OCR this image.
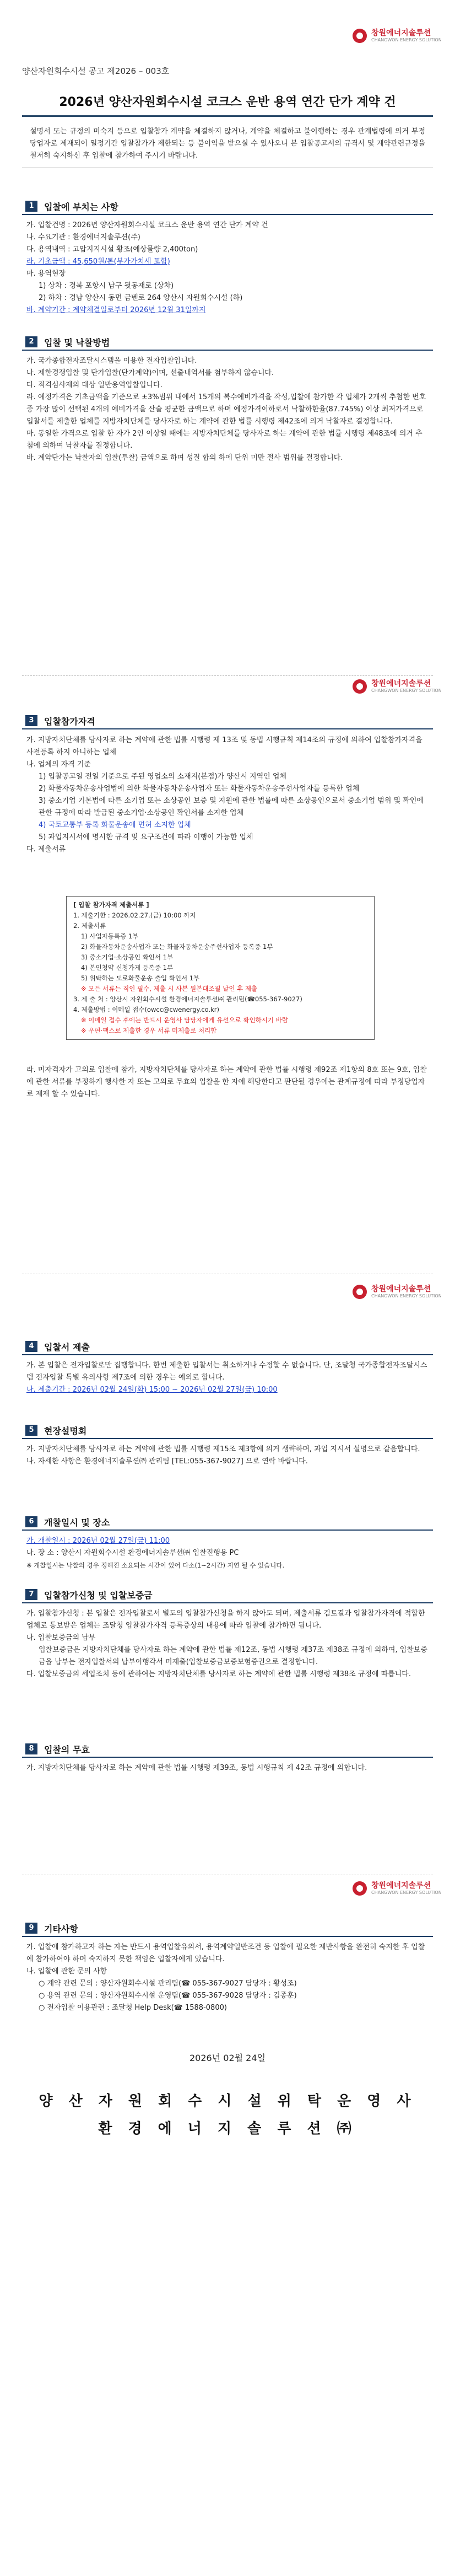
창원에너지솔루션
CHANGWON ENERGY SOLUTION
양산자원회수시설 공고 제2026 – 003호
2026년 양산자원회수시설 코크스 운반 용역 연간 단가 계약 건
설명서 또는 규정의 미숙지 등으로 입찰참가 계약을 체결하지 않거나, 계약을 체결하고 불이행하는 경우 관계법령에 의거 부정당업자로 제재되어 일정기간 입찰참가가 제한되는 등 불이익을 받으실 수 있사오니 본 입찰공고서의 규격서 및 계약관련규정을 철저히 숙지하신 후 입찰에 참가하여 주시기 바랍니다.
1	입찰에 부치는 사항

가. 입찰건명 : 2026년 양산자원회수시설 코크스 운반 용역 연간 단가 계약 건

나. 수요기관 : 환경에너지솔루션(주)

다. 용역내역 : 고압지지시설 황조(예상물량 2,400ton)

라. 기초금액 : 45,650원/톤(부가가치세 포함)

마. 용역현장

1) 상차 : 경북 포항시 남구 뒷동재로 (상차)

2) 하차 : 경남 양산시 동면 금벤로 264 양산시 자원회수시설 (하)

바. 계약기간 : 계약체결일로부터 2026년 12월 31일까지

2	입찰 및 낙찰방법

가. 국가종합전자조달시스템을 이용한 전자입찰입니다.

나. 제한경쟁입찰 및 단가입찰(단가계약)이며, 선출내역서를 첨부하지 않습니다.

다. 적격심사제의 대상 일반용역입찰입니다.

라. 예정가격은 기초금액을 기준으로 ±3%범위 내에서 15개의 복수예비가격을 작성,입찰에 참가한 각 업체가 2개씩 추첨한 번호 중 가장 많이 선택된 4개의 예비가격을 산술 평균한 금액으로 하며 예정가격이하로서 낙찰하한율(87.745%) 이상 최저가격으로 입찰서를 제출한 업체를 지방자치단체를 당사자로 하는 계약에 관한 법률 시행령 제42조에 의거 낙찰자로 결정합니다.

마. 동일한 가격으로 입찰 한 자가 2인 이상일 때에는 지방자치단체를 당사자로 하는 계약에 관한 법률 시행령 제48조에 의거 추첨에 의하여 낙찰자를 결정합니다.

바. 계약단가는 낙찰자의 입찰(투찰) 금액으로 하며 성질 합의 하에 단위 미만 절사 범위를 결정합니다.

창원에너지솔루션
CHANGWON ENERGY SOLUTION
3	입찰참가자격

가. 지방자치단체를 당사자로 하는 계약에 관한 법률 시행령 제 13조 및 동법 시행규칙 제14조의 규정에 의하여 입찰참가자격을 사전등록 하지 아니하는 업체

나. 업체의 자격 기준

1) 입찰공고일 전일 기준으로 주된 영업소의 소재지(본점)가 양산시 지역인 업체

2) 화물자동차운송사업법에 의한 화물자동차운송사업자 또는 화물자동차운송주선사업자를 등록한 업체

3) 중소기업 기본법에 따른 소기업 또는 소상공인 보증 및 지원에 관한 법률에 따른 소상공인으로서 중소기업 범위 및 확인에 관한 규정에 따라 발급된 중소기업·소상공인 확인서를 소지한 업체

4) 국토교통부 등록 화물운송에 면허 소지한 업체

5) 과업지시서에 명시한 규격 및 요구조건에 따라 이행이 가능한 업체

다. 제출서류

[ 입찰 참가자격 제출서류 ]

1. 제출기한 : 2026.02.27.(금) 10:00 까지

2. 제출서류

1) 사업자등록증 1부

2) 화물자동차운송사업자 또는 화물자동차운송주선사업자 등록증 1부

3) 중소기업·소상공인 확인서 1부

4) 본인청약 신청가게 등록증 1부

5) 위탁하는 도로화물운송 출입 확인서 1부

※ 모든 서류는 직인 필수, 제출 시 사본 원본대조필 날인 후 제출

3. 제 출 처 : 양산시 자원회수시설 환경에너지솔루션㈜ 관리팀(☎055-367-9027)

4. 제출방법 : 이메일 접수(owcc@cwenergy.co.kr)

※ 이메일 접수 후에는 반드시 운영사 담당자에게 유선으로 확인하시기 바람

※ 우편·팩스로 제출한 경우 서류 미제출로 처리함

라. 미자격자가 고의로 입찰에 참가, 지방자치단체를 당사자로 하는 계약에 관한 법률 시행령 제92조 제1항의 8호 또는 9호, 입찰에 관한 서류를 부정하게 행사한 자 또는 고의로 무효의 입찰을 한 자에 해당한다고 판단될 경우에는 관계규정에 따라 부정당업자로 제재 할 수 있습니다.

창원에너지솔루션
CHANGWON ENERGY SOLUTION
4	입찰서 제출

가. 본 입찰은 전자입찰로만 집행합니다. 한번 제출한 입찰서는 취소하거나 수정할 수 없습니다. 단, 조달청 국가종합전자조달시스템 전자입찰 특별 유의사항 제7조에 의한 경우는 예외로 합니다.

나. 제출기간 : 2026년 02월 24일(화) 15:00 ~ 2026년 02월 27일(금) 10:00

5	현장설명회

가. 지방자치단체를 당사자로 하는 계약에 관한 법률 시행령 제15조 제3항에 의거 생략하며, 과업 지시서 설명으로 갈음합니다.

나. 자세한 사항은 환경에너지솔루션㈜ 관리팀 [TEL:055-367-9027] 으로 연락 바랍니다.

6	개찰일시 및 장소

가. 개찰일시 : 2026년 02월 27일(금) 11:00

나. 장 소 : 양산시 자원회수시설 환경에너지솔루션㈜ 입찰진행용 PC

※ 개찰일시는 낙찰의 경우 정해진 소요되는 시간이 있어 다소(1~2시간) 지연 될 수 있습니다.

7	입찰참가신청 및 입찰보증금

가. 입찰참가신청 : 본 입찰은 전자입찰로서 별도의 입찰참가신청을 하지 않아도 되며, 제출서류 검토결과 입찰참가자격에 적합한 업체로 통보받은 업체는 조달청 입찰참가자격 등록증상의 내용에 따라 입찰에 참가하면 됩니다.

나. 입찰보증금의 납부

입찰보증금은 지방자치단체를 당사자로 하는 계약에 관한 법률 제12조, 동법 시행령 제37조 제38조 규정에 의하여, 입찰보증금을 납부는 전자입찰서의 납부이행각서 미제출(입찰보증금보증보험증권으로 결정합니다.

다. 입찰보증금의 세입조치 등에 관하여는 지방자치단체를 당사자로 하는 계약에 관한 법률 시행령 제38조 규정에 따릅니다.

8	입찰의 무효

가. 지방자치단체를 당사자로 하는 계약에 관한 법률 시행령 제39조, 동법 시행규칙 제 42조 규정에 의합니다.

창원에너지솔루션
CHANGWON ENERGY SOLUTION
9	기타사항

가. 입찰에 참가하고자 하는 자는 반드시 용역입찰유의서, 용역계약일반조건 등 입찰에 필요한 제반사항을 완전히 숙지한 후 입찰에 참가하여야 하며 숙지하지 못한 책임은 입찰자에게 있습니다.

나. 입찰에 관한 문의 사항

○ 계약 관련 문의 : 양산자원회수시설 관리팀(☎ 055-367-9027 담당자 : 황성조)

○ 용역 관련 문의 : 양산자원회수시설 운영팀(☎ 055-367-9028 담당자 : 김종훈)

○ 전자입찰 이용관련 : 조달청 Help Desk(☎ 1588-0800)

2026년 02월 24일
양 산 자 원 회 수 시 설 위 탁 운 영 사
환 경 에 너 지 솔 루 션 ㈜
